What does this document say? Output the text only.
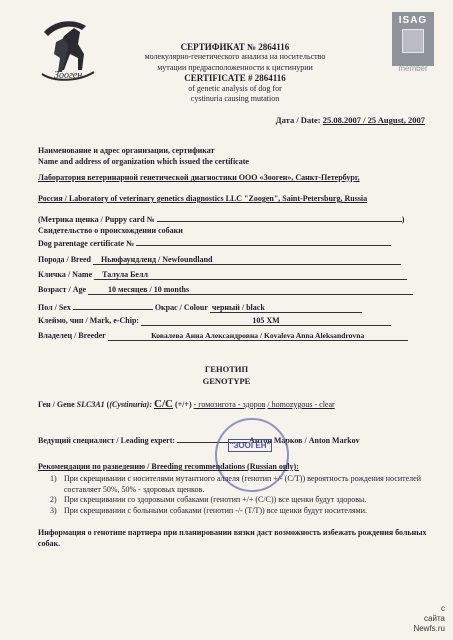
Зооген
ISAG
member
СЕРТИФИКАТ № 2864116
молекулярно-генетического анализа на носительство
мутации предрасположенности к цистинурии
CERTIFICATE # 2864116
of genetic analysis of dog for
cystinuria causing mutation
Дата / Date: 25.08.2007 / 25 August, 2007
Наименование и адрес организации, сертификат
Name and address of organization which issued the certificate
Лаборатория ветеринарной генетической диагностики ООО «Зооген», Санкт-Петербург,
Россия / Laboratory of veterinary genetics diagnostics LLC "Zoogen", Saint-Petersburg, Russia
(Метрика щенка / Puppy card №	)
Свидетельство о происхождении собаки
Dog parentage certificate №
Порода / Breed Ньюфаундленд / Newfoundland
Кличка / Name Талула Белл
Возраст / Age	10 месяцев / 10 months
Пол / Sex	Окрас / Colour черный / black
Клеймо, чип / Mark, e-Chip:	105 ХМ
Владелец / Breeder	Ковалева Анна Александровна / Kovaleva Anna Aleksandrovna
ГЕНОТИП
GENOTYPE
Ген / Gene SLC3A1 ((Cystinuria): C/C (+/+) - гомозигота - здоров / homozygous - clear
Ведущий специалист / Leading expert:	Антон Марков / Anton Markov
"ЗООГЕН"
Рекомендации по разведению / Breeding recommendations (Russian only):
1) При скрещивании с носителями мутантного аллеля (генотип +/- (С/Т)) вероятность рождения носителей составляет 50%, 50% - здоровых щенков.
2) При скрещивании со здоровыми собаками (генотип +/+ (С/С)) все щенки будут здоровы.
3) При скрещивании с больными собаками (генотип -/- (Т/Т)) все щенки будут носителями.
Информация о генотипе партнера при планировании вязки даст возможность избежать рождения больных собак.
с
сайта
Newfs.ru
